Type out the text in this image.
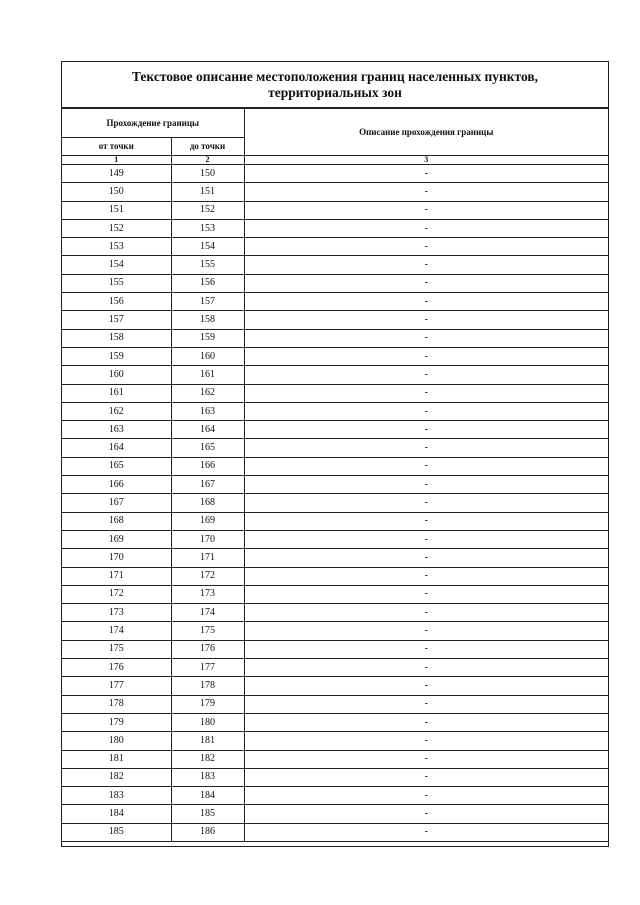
Текстовое описание местоположения границ населенных пунктов,
территориальных зон
Прохождение границы		Описание прохождения границы
от точки	до точки	
1	2	3
149	150	-
150	151	-
151	152	-
152	153	-
153	154	-
154	155	-
155	156	-
156	157	-
157	158	-
158	159	-
159	160	-
160	161	-
161	162	-
162	163	-
163	164	-
164	165	-
165	166	-
166	167	-
167	168	-
168	169	-
169	170	-
170	171	-
171	172	-
172	173	-
173	174	-
174	175	-
175	176	-
176	177	-
177	178	-
178	179	-
179	180	-
180	181	-
181	182	-
182	183	-
183	184	-
184	185	-
185	186	-
